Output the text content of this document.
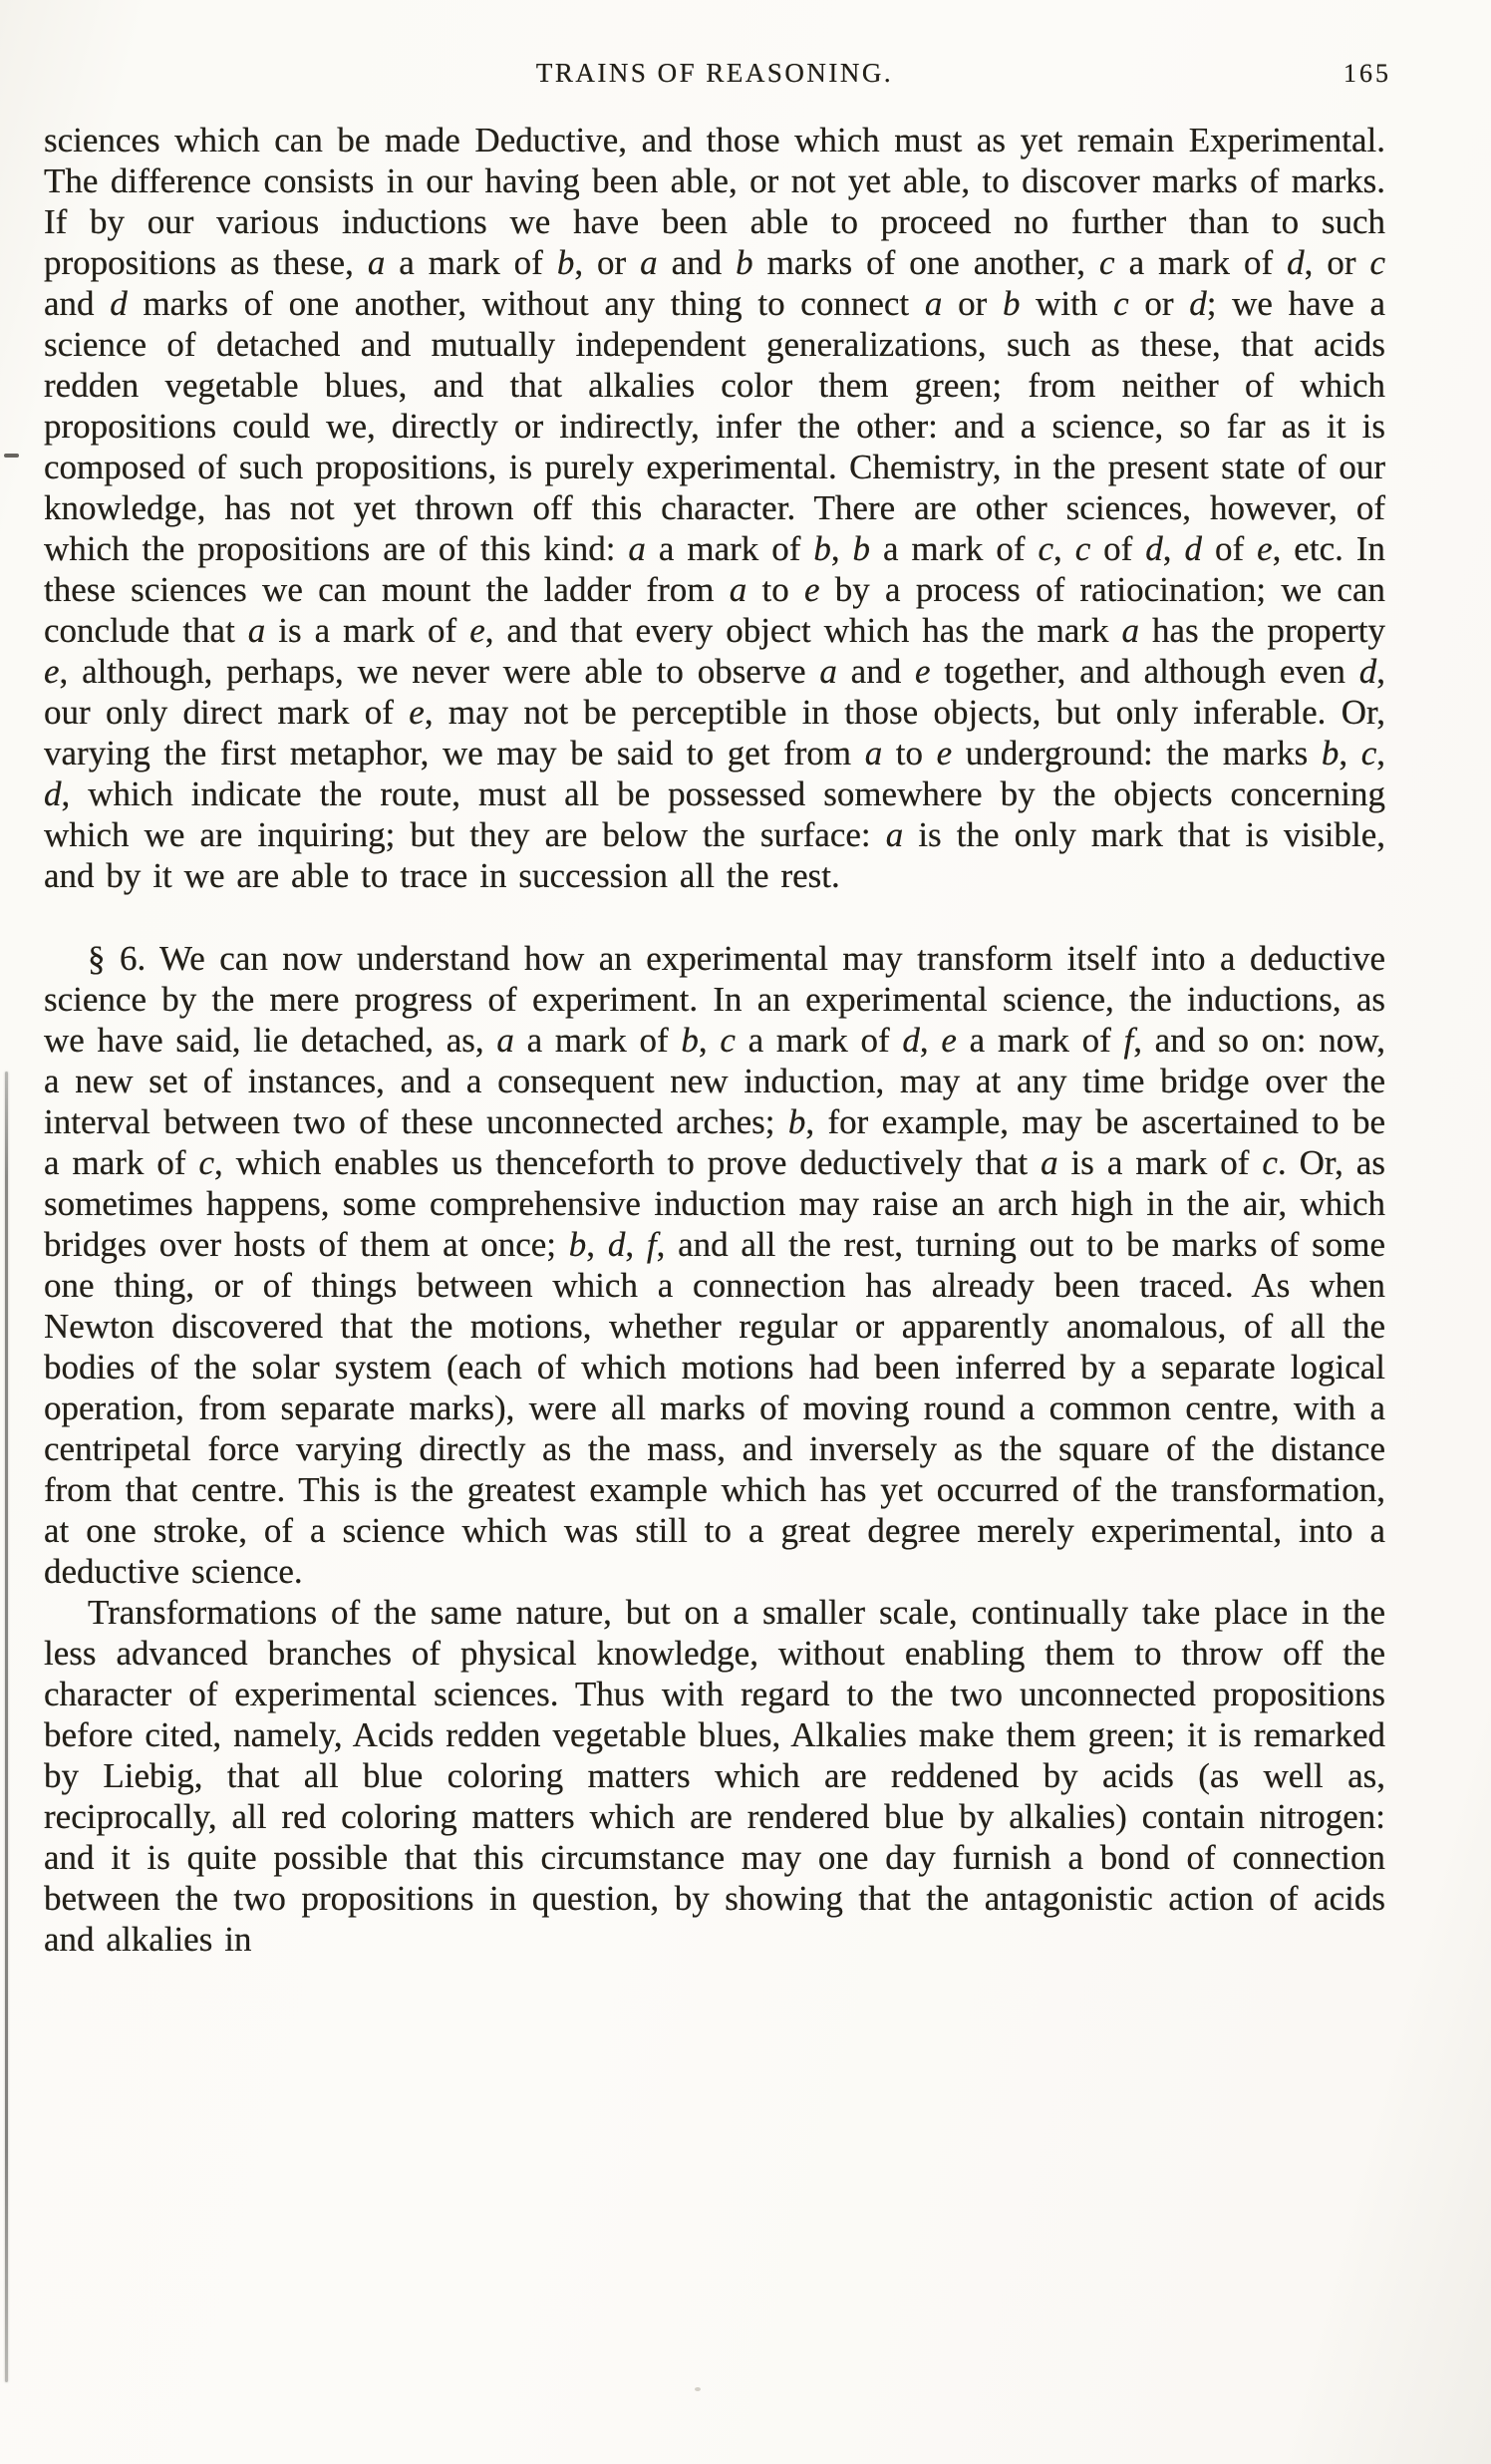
TRAINS OF REASONING.	165

sciences which can be made Deductive, and those which must as yet remain Experimental. The difference consists in our having been able, or not yet able, to discover marks of marks. If by our various inductions we have been able to proceed no further than to such propositions as these, a a mark of b, or a and b marks of one another, c a mark of d, or c and d marks of one another, without any thing to connect a or b with c or d; we have a science of detached and mutually independent generalizations, such as these, that acids redden vegetable blues, and that alkalies color them green; from neither of which propositions could we, directly or indirectly, infer the other: and a science, so far as it is composed of such propositions, is purely experimental. Chemistry, in the present state of our knowledge, has not yet thrown off this character. There are other sciences, however, of which the propositions are of this kind: a a mark of b, b a mark of c, c of d, d of e, etc. In these sciences we can mount the ladder from a to e by a process of ratiocination; we can conclude that a is a mark of e, and that every object which has the mark a has the property e, although, perhaps, we never were able to observe a and e together, and although even d, our only direct mark of e, may not be perceptible in those objects, but only inferable. Or, varying the first metaphor, we may be said to get from a to e underground: the marks b, c, d, which indicate the route, must all be possessed somewhere by the objects concerning which we are inquiring; but they are below the surface: a is the only mark that is visible, and by it we are able to trace in succession all the rest.

§ 6. We can now understand how an experimental may transform itself into a deductive science by the mere progress of experiment. In an experimental science, the inductions, as we have said, lie detached, as, a a mark of b, c a mark of d, e a mark of f, and so on: now, a new set of instances, and a consequent new induction, may at any time bridge over the interval between two of these unconnected arches; b, for example, may be ascertained to be a mark of c, which enables us thenceforth to prove deductively that a is a mark of c. Or, as sometimes happens, some comprehensive induction may raise an arch high in the air, which bridges over hosts of them at once; b, d, f, and all the rest, turning out to be marks of some one thing, or of things between which a connection has already been traced. As when Newton discovered that the motions, whether regular or apparently anomalous, of all the bodies of the solar system (each of which motions had been inferred by a separate logical operation, from separate marks), were all marks of moving round a common centre, with a centripetal force varying directly as the mass, and inversely as the square of the distance from that centre. This is the greatest example which has yet occurred of the transformation, at one stroke, of a science which was still to a great degree merely experimental, into a deductive science.

Transformations of the same nature, but on a smaller scale, continually take place in the less advanced branches of physical knowledge, without enabling them to throw off the character of experimental sciences. Thus with regard to the two unconnected propositions before cited, namely, Acids redden vegetable blues, Alkalies make them green; it is remarked by Liebig, that all blue coloring matters which are reddened by acids (as well as, reciprocally, all red coloring matters which are rendered blue by alkalies) contain nitrogen: and it is quite possible that this circumstance may one day furnish a bond of connection between the two propositions in question, by showing that the antagonistic action of acids and alkalies in
